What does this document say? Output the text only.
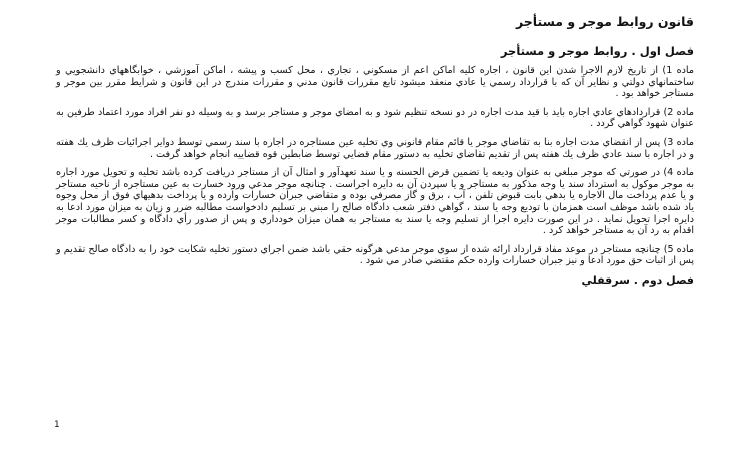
قانون روابط موجر و مستأجر
فصل اول . روابط موجر و مستأجر

ماده 1) از تاريخ لازم الاجرا شدن اين قانون ، اجاره كليه اماكن اعم از مسكوني ، تجاري ، محل كسب و پيشه ، اماكن آموزشي ، خوابگاههاي دانشجويي و ساختمانهاي دولتي و نظاير آن كه با قرارداد رسمي يا عادي منعقد ميشود تابع مقررات قانون مدني و مقررات مندرج در اين قانون و شرايط مقرر بين موجر و مستاجر خواهد بود .

ماده 2) قراردادهاي عادي اجاره بايد با قيد مدت اجاره در دو نسخه تنظيم شود و به امضاي موجر و مستاجر برسد و به وسيله دو نفر افراد مورد اعتماد طرفين به عنوان شهود گواهي گردد .

ماده 3) پس از انقضاي مدت اجاره بنا به تقاضاي موجر يا قائم مقام قانوني وي تخليه عين مستاجره در اجاره با سند رسمي توسط دواير اجرائيات ظرف يك هفته و در اجاره با سند عادي ظرف يك هفته پس از تقديم تقاضاي تخليه به دستور مقام قضايي توسط ضابطين قوه قضاييه انجام خواهد گرفت .

ماده 4) در صورتي كه موجر مبلغي به عنوان وديعه يا تضمين قرض الحسنه و يا سند تعهدآور و امثال آن از مستاجر دريافت كرده باشد تخليه و تحويل مورد اجاره به موجر موكول به استرداد سند يا وجه مذكور به مستاجر و يا سپردن آن به دايره اجراست . چنانچه موجر مدعي ورود خسارت به عين مستاجره از ناحيه مستاجر و يا عدم پرداخت مال الاجاره يا بدهي بابت قبوض تلفن ، آب ، برق و گاز مصرفي بوده و متقاضي جبران خسارات وارده و يا پرداخت بدهيهاي فوق از محل وجوه ياد شده باشد موظف است همزمان با توديع وجه يا سند ، گواهي دفتر شعب دادگاه صالح را مبني بر تسليم دادخواست مطالبه ضرر و زيان به ميزان مورد ادعا به دايره اجرا تحويل نمايد . در اين صورت دايره اجرا از تسليم وجه يا سند به مستاجر به همان ميزان خودداري و پس از صدور رأي دادگاه و كسر مطالبات موجر اقدام به رد آن به مستاجر خواهد كرد .

ماده 5) چنانچه مستاجر در موعد مفاد قرارداد ارائه شده از سوي موجر مدعي هرگونه حقي باشد ضمن اجراي دستور تخليه شكايت خود را به دادگاه صالح تقديم و پس از اثبات حق مورد ادعا و نيز جبران خسارات وارده حكم مقتضي صادر مي شود .

فصل دوم . سرقفلي
1
